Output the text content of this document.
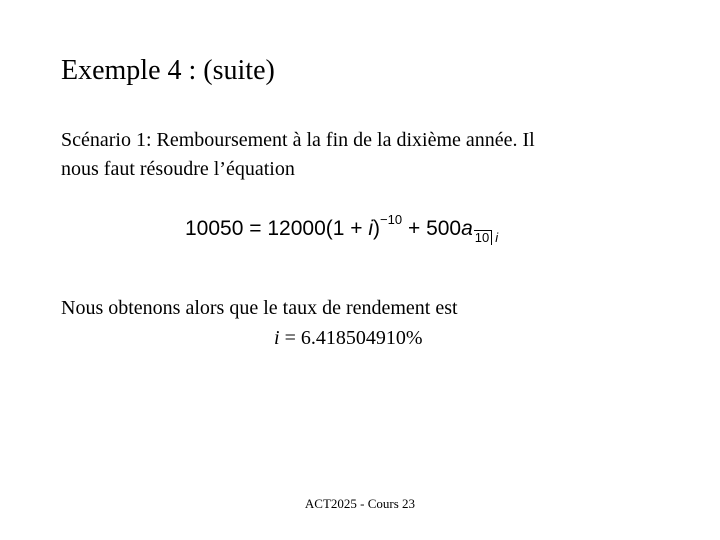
Exemple 4 : (suite)
Scénario 1: Remboursement à la fin de la dixième année. Il
nous faut résoudre l’équation
$10050 = 12000(1 + i)^{-10} + 500a$ 10 i
Nous obtenons alors que le taux de rendement est
i = 6.418504910%
ACT2025 - Cours 23
